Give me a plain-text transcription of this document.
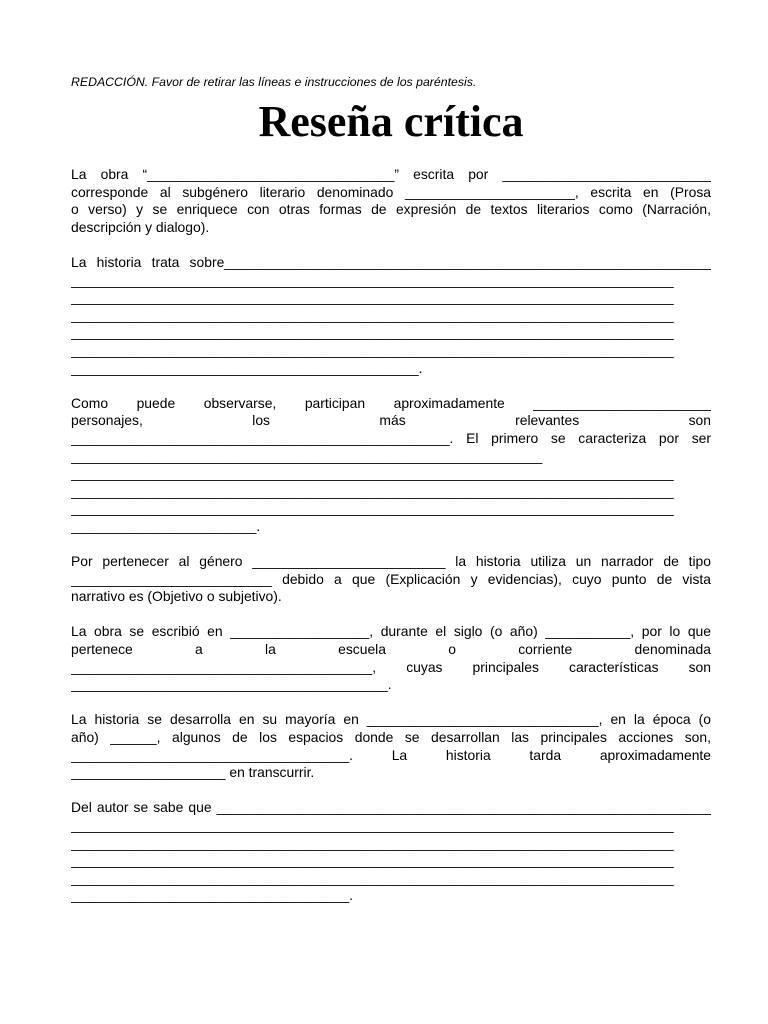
REDACCIÓN. Favor de retirar las líneas e instrucciones de los paréntesis.

Reseña crítica
La obra “________________________________” escrita por ___________________________
corresponde al subgénero literario denominado ______________________, escrita en (Prosa
o verso) y se enriquece con otras formas de expresión de textos literarios como (Narración,
descripción y dialogo).
La historia trata sobre_______________________________________________________________
______________________________________________________________________________
______________________________________________________________________________
______________________________________________________________________________
______________________________________________________________________________
______________________________________________________________________________
_____________________________________________.
Como puede observarse, participan aproximadamente _______________________
personajes, los más relevantes son
_________________________________________________. El primero se caracteriza por ser
_____________________________________________________________
______________________________________________________________________________
______________________________________________________________________________
______________________________________________________________________________
________________________.
Por pertenecer al género _________________________ la historia utiliza un narrador de tipo
__________________________ debido a que (Explicación y evidencias), cuyo punto de vista
narrativo es (Objetivo o subjetivo).
La obra se escribió en __________________, durante el siglo (o año) ___________, por lo que
pertenece a la escuela o corriente denominada
_______________________________________, cuyas principales características son
_________________________________________.
La historia se desarrolla en su mayoría en ______________________________, en la época (o
año) ______, algunos de los espacios donde se desarrollan las principales acciones son,
____________________________________. La historia tarda aproximadamente
____________________ en transcurrir.
Del autor se sabe que ________________________________________________________________
______________________________________________________________________________
______________________________________________________________________________
______________________________________________________________________________
______________________________________________________________________________
____________________________________.
